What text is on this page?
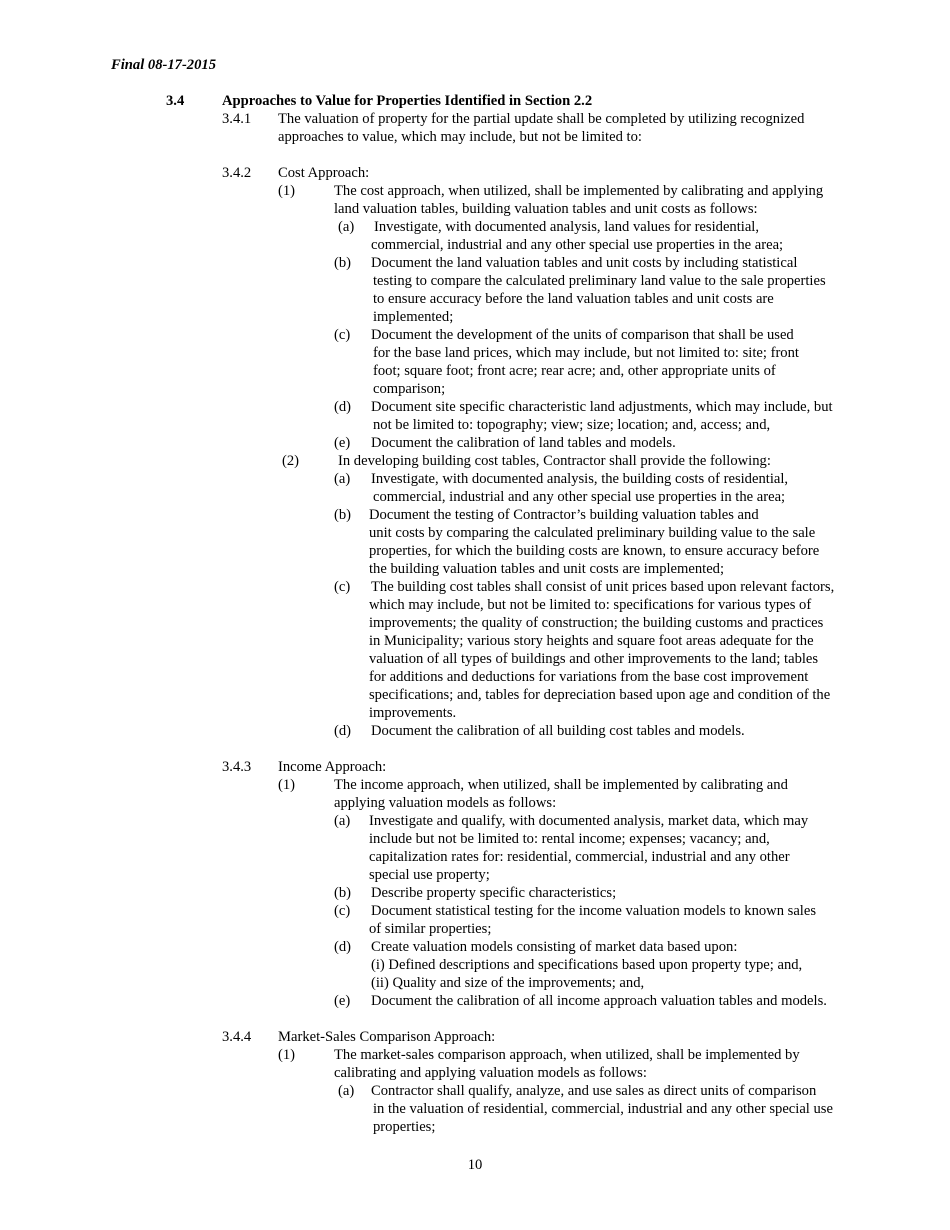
Final 08-17-2015
3.4	Approaches to Value for Properties Identified in Section 2.2
3.4.1 The valuation of property for the partial update shall be completed by utilizing recognized
approaches to value, which may include, but not be limited to:
3.4.2 Cost Approach:
(1)	The cost approach, when utilized, shall be implemented by calibrating and applying
land valuation tables, building valuation tables and unit costs as follows:
(a) Investigate, with documented analysis, land values for residential,
commercial, industrial and any other special use properties in the area;
(b) Document the land valuation tables and unit costs by including statistical
testing to compare the calculated preliminary land value to the sale properties
to ensure accuracy before the land valuation tables and unit costs are
implemented;
(c) Document the development of the units of comparison that shall be used
for the base land prices, which may include, but not limited to: site; front
foot; square foot; front acre; rear acre; and, other appropriate units of
comparison;
(d) Document site specific characteristic land adjustments, which may include, but
not be limited to: topography; view; size; location; and, access; and,
(e) Document the calibration of land tables and models.
(2)	In developing building cost tables, Contractor shall provide the following:
(a) Investigate, with documented analysis, the building costs of residential,
commercial, industrial and any other special use properties in the area;
(b) Document the testing of Contractor’s building valuation tables and
unit costs by comparing the calculated preliminary building value to the sale
properties, for which the building costs are known, to ensure accuracy before
the building valuation tables and unit costs are implemented;
(c) The building cost tables shall consist of unit prices based upon relevant factors,
which may include, but not be limited to: specifications for various types of
improvements; the quality of construction; the building customs and practices
in Municipality; various story heights and square foot areas adequate for the
valuation of all types of buildings and other improvements to the land; tables
for additions and deductions for variations from the base cost improvement
specifications; and, tables for depreciation based upon age and condition of the
improvements.
(d) Document the calibration of all building cost tables and models.
3.4.3 Income Approach:
(1)	The income approach, when utilized, shall be implemented by calibrating and
applying valuation models as follows:
(a) Investigate and qualify, with documented analysis, market data, which may
include but not be limited to: rental income; expenses; vacancy; and,
capitalization rates for: residential, commercial, industrial and any other
special use property;
(b) Describe property specific characteristics;
(c) Document statistical testing for the income valuation models to known sales
of similar properties;
(d) Create valuation models consisting of market data based upon:
(i) Defined descriptions and specifications based upon property type; and,
(ii) Quality and size of the improvements; and,
(e) Document the calibration of all income approach valuation tables and models.
3.4.4 Market-Sales Comparison Approach:
(1)	The market-sales comparison approach, when utilized, shall be implemented by
calibrating and applying valuation models as follows:
(a) Contractor shall qualify, analyze, and use sales as direct units of comparison
in the valuation of residential, commercial, industrial and any other special use
properties;
10
